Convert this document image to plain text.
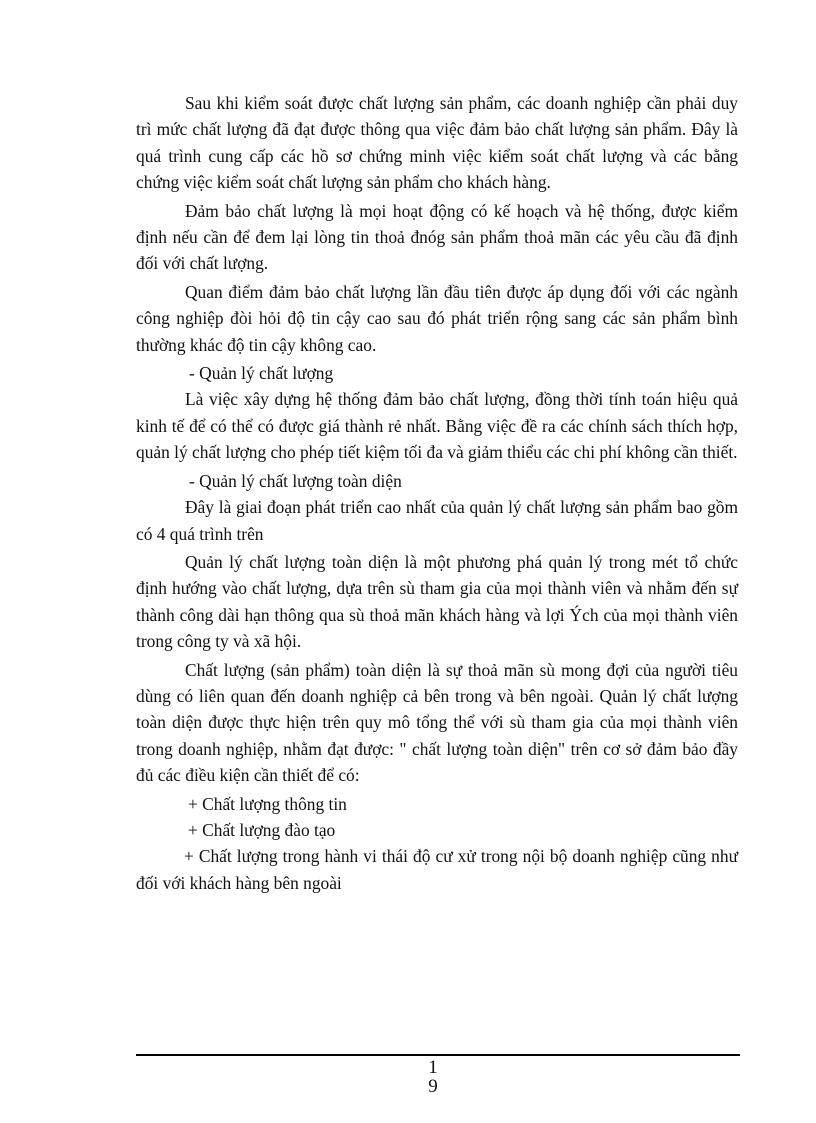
Sau khi kiểm soát được chất lượng sản phẩm, các doanh nghiệp cần phải duy trì mức chất lượng đã đạt được thông qua việc đảm bảo chất lượng sản phẩm. Đây là quá trình cung cấp các hồ sơ chứng minh việc kiểm soát chất lượng và các bằng chứng việc kiểm soát chất lượng sản phẩm cho khách hàng.

Đảm bảo chất lượng là mọi hoạt động có kế hoạch và hệ thống, được kiểm định nếu cần để đem lại lòng tin thoả đnóg sản phẩm thoả mãn các yêu cầu đã định đối với chất lượng.

Quan điểm đảm bảo chất lượng lần đầu tiên được áp dụng đối với các ngành công nghiệp đòi hỏi độ tin cậy cao sau đó phát triển rộng sang các sản phẩm bình thường khác độ tin cậy không cao.

- Quản lý chất lượng

Là việc xây dựng hệ thống đảm bảo chất lượng, đồng thời tính toán hiệu quả kinh tế để có thể có được giá thành rẻ nhất. Bằng việc đề ra các chính sách thích hợp, quản lý chất lượng cho phép tiết kiệm tối đa và giảm thiểu các chi phí không cần thiết.

- Quản lý chất lượng toàn diện

Đây là giai đoạn phát triển cao nhất của quản lý chất lượng sản phẩm bao gồm có 4 quá trình trên

Quản lý chất lượng toàn diện là một phương phá quản lý trong mét tổ chức định hướng vào chất lượng, dựa trên sù tham gia của mọi thành viên và nhằm đến sự thành công dài hạn thông qua sù thoả mãn khách hàng và lợi Ých của mọi thành viên trong công ty và xã hội.

Chất lượng (sản phẩm) toàn diện là sự thoả mãn sù mong đợi của người tiêu dùng có liên quan đến doanh nghiệp cả bên trong và bên ngoài. Quản lý chất lượng toàn diện được thực hiện trên quy mô tổng thể với sù tham gia của mọi thành viên trong doanh nghiệp, nhằm đạt được: " chất lượng toàn diện" trên cơ sở đảm bảo đầy đủ các điều kiện cần thiết để có:

+ Chất lượng thông tin

+ Chất lượng đào tạo

+ Chất lượng trong hành vi thái độ cư xử trong nội bộ doanh nghiệp cũng như đối với khách hàng bên ngoài

1
9
